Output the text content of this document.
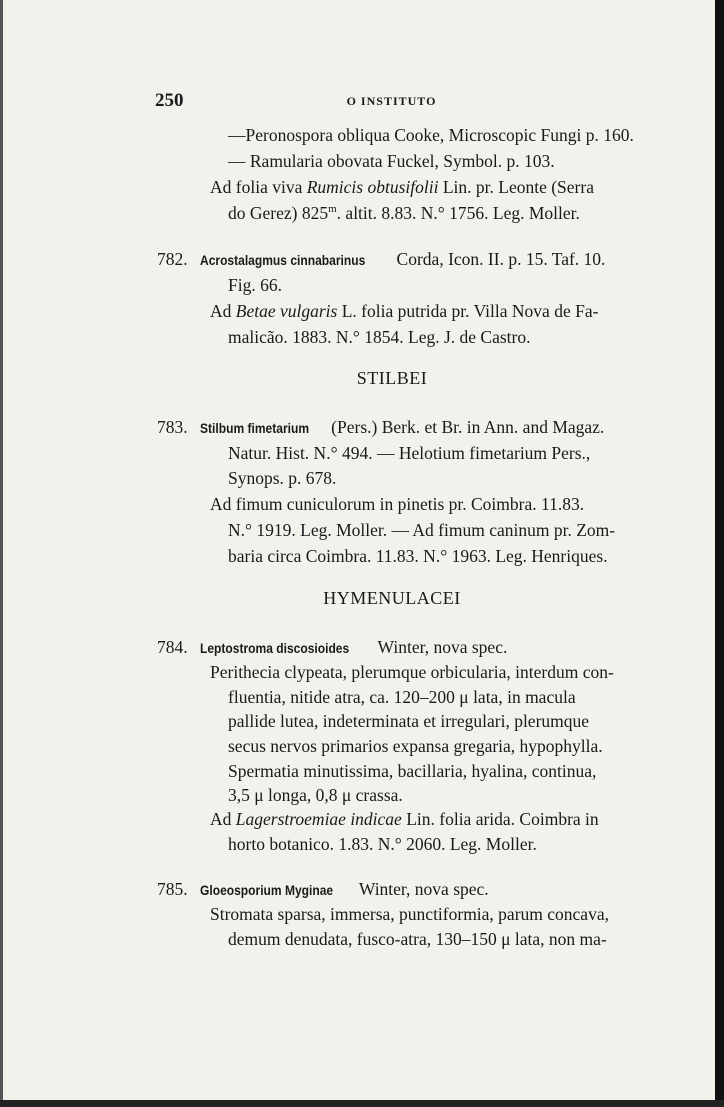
250	O INSTITUTO
—Peronospora obliqua Cooke, Microscopic Fungi p. 160.
— Ramularia obovata Fuckel, Symbol. p. 103.
Ad folia viva Rumicis obtusifolii Lin. pr. Leonte (Serra
do Gerez) 825$^m$. altit. 8.83. N.° 1756. Leg. Moller.
782. Acrostalagmus cinnabarinus Corda, Icon. II. p. 15. Taf. 10.
Fig. 66.
Ad Betae vulgaris L. folia putrida pr. Villa Nova de Fa-
malicão. 1883. N.° 1854. Leg. J. de Castro.
STILBEI
783. Stilbum fimetarium (Pers.) Berk. et Br. in Ann. and Magaz.
Natur. Hist. N.° 494. — Helotium fimetarium Pers.,
Synops. p. 678.
Ad fimum cuniculorum in pinetis pr. Coimbra. 11.83.
N.° 1919. Leg. Moller. — Ad fimum caninum pr. Zom-
baria circa Coimbra. 11.83. N.° 1963. Leg. Henriques.
HYMENULACEI
784. Leptostroma discosioides Winter, nova spec.
Perithecia clypeata, plerumque orbicularia, interdum con-
fluentia, nitide atra, ca. 120–200 μ lata, in macula
pallide lutea, indeterminata et irregulari, plerumque
secus nervos primarios expansa gregaria, hypophylla.
Spermatia minutissima, bacillaria, hyalina, continua,
3,5 μ longa, 0,8 μ crassa.
Ad Lagerstroemiae indicae Lin. folia arida. Coimbra in
horto botanico. 1.83. N.° 2060. Leg. Moller.
785. Gloeosporium Myginae Winter, nova spec.
Stromata sparsa, immersa, punctiformia, parum concava,
demum denudata, fusco-atra, 130–150 μ lata, non ma-
